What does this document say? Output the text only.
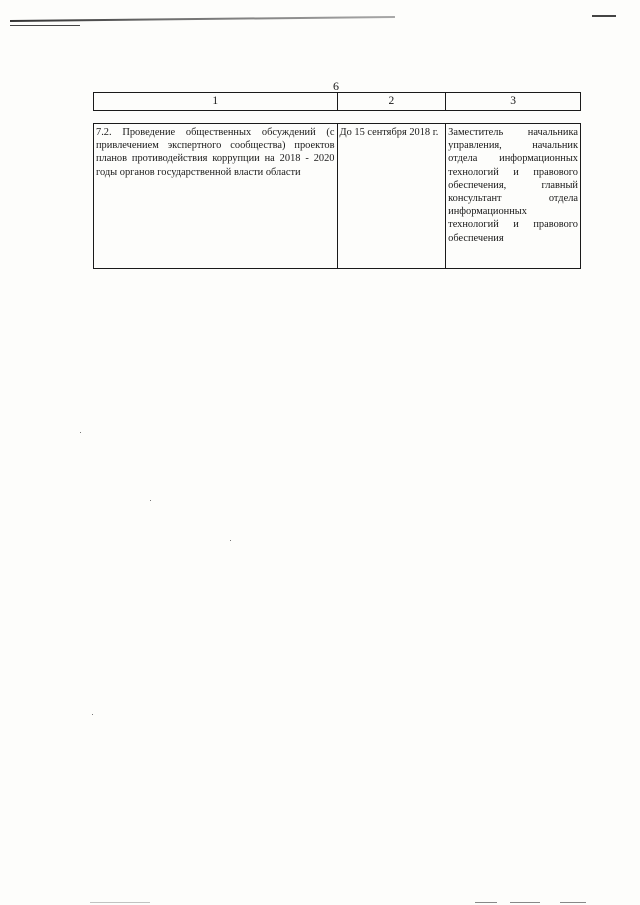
6
1	2	3
7.2. Проведение общественных обсуждений (с привлечением экспертного сообщества) проектов планов противодействия коррупции на 2018 - 2020 годы органов государственной власти области	До 15 сентября 2018 г.	Заместитель начальника управления, начальник отдела информационных технологий и правового обеспечения, главный консультант отдела информационных технологий и правового обеспечения
